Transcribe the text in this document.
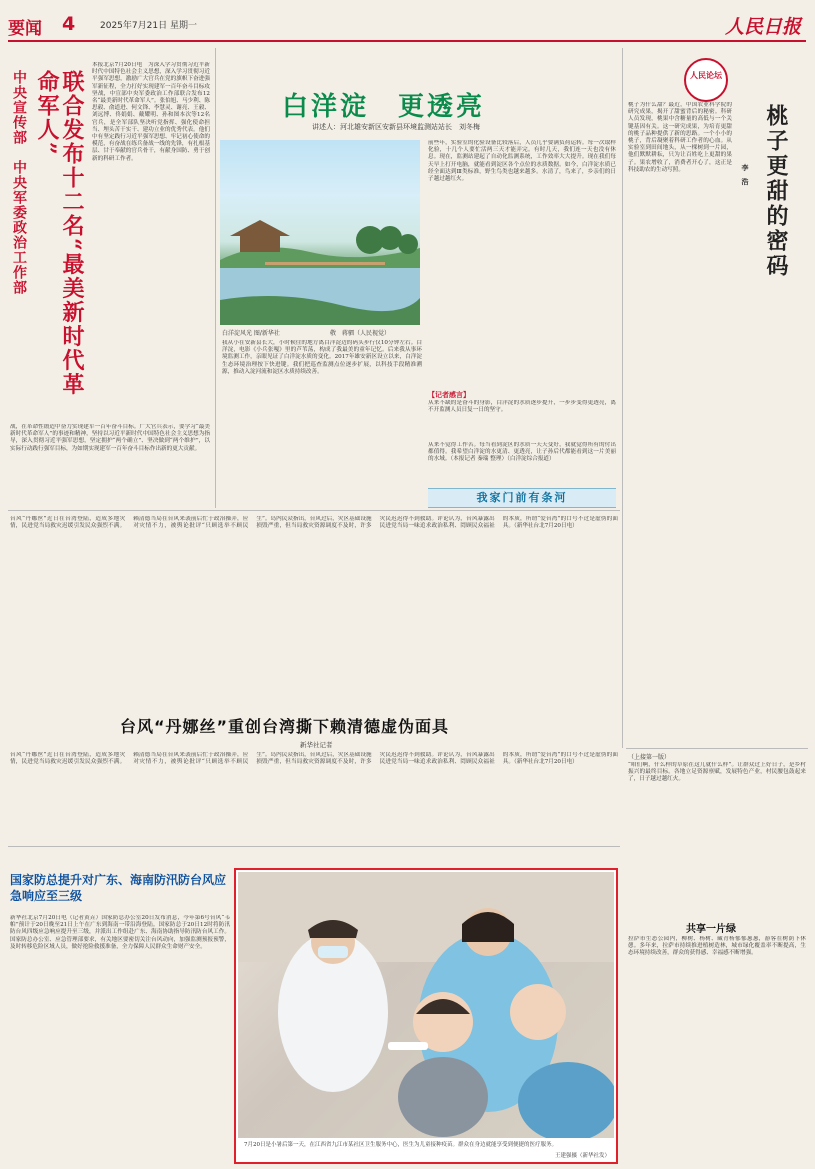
要闻 4	2025年7月21日 星期一	人民日报
中央宣传部　中央军委政治工作部	联合发布十二名“最美新时代革命军人”
本报北京7月20日电　为深入学习贯彻习近平新时代中国特色社会主义思想，深入学习贯彻习近平强军思想，激励广大官兵在党的旗帜下奋进强军新征程，全力打好实现建军一百年奋斗目标攻坚战，中宣部中央军委政治工作部联合发布12名“最美新时代革命军人”。张伯旭、马少利、陈思毅、俞道进、何文锋、李慧灵、谢亮、王毅、刘远博、佟娟娟、戴耀明、孙和图本次等12名官兵，是全军部队坚决听党指挥、强化使命担当、埋头苦干实干、建功立业的优秀代表。他们中有坚定践行习近平强军思想、牢记初心使命的模范，有奋战在练兵备战一线的先锋，有扎根基层、甘于奉献的官兵骨干，有献身国防、勇于创新的科研工作者。
战，在革命性锻造中奋力实现建军一百年奋斗目标。广大官兵表示，要学习“最美新时代革命军人”的事迹和精神，坚持以习近平新时代中国特色社会主义思想为指导，深入贯彻习近平强军思想，坚定拥护“两个确立”、坚决做到“两个维护”，以实际行动践行强军目标，为如期实现建军一百年奋斗目标作出新的更大贡献。
白洋淀　更透亮
讲述人：河北雄安新区安新县环境监测站站长　刘冬梅
白洋淀风光 图/新华社	敬　蒋驷（人民视觉）
我从小在安新县长大，小时候住的地方离白洋淀边的码头步行仅10分钟左右。白洋淀，电影《小兵张嘎》里的芦苇荡，构成了我最美的童年记忆。后来我从事环境监测工作，亲眼见证了白洋淀水质的变化。2017年雄安新区设立以来，白洋淀生态环境治理按下快进键。我们把巡查监测点位逐步扩展，以科技手段精准溯源，推动入淀河流和淀区水质持续改善。
前些年，实验室的化验设备比较落后，人员几乎要满负荷运转。每一次取样化验，十几个人要忙活两三天才能弄完。有时几天，我们连一天也没有休息。现在，监测站建起了自动化监测系统，工作效率大大提升。现在我们每天早上打开电脑，就能看到淀区各个点位的水质数据。如今，白洋淀水质已经全面达到Ⅲ类标准，野生鸟类也越来越多。水清了，鸟来了，乡亲们的日子越过越红火。
【记者感言】
从来不缺的是奋斗的身影，白洋淀的水质逐步提升，一步步变得更透亮，离不开监测人员日复一日的坚守。
从来不觉得工作苦。每当看到淀区的水质一天天变好，我就觉得所有的付出都值得。我希望白洋淀的水更清、更透亮，让子孙后代都能看到这一片美丽的水域。（本报记者 秦瑞 整理）（白洋淀综合报道）
我家门前有条河
人民论坛
桃子更甜的密码
李　浩
桃子为什么甜？最近，中国农业科学院的研究成果，揭开了甜蜜背后的秘密。科研人员发现，桃果中含糖量的高低与一个关键基因有关。这一研究成果，为培育更甜的桃子品种提供了新的思路。一个小小的桃子，背后凝聚着科研工作者的心血。从实验室到田间地头，从一棵树到一片园，他们默默耕耘，只为让百姓吃上更甜的果子。果农增收了，消费者开心了，这正是科技助农的生动写照。
台风“丹娜丝”近日在台湾登陆，造成多地灾情，民进党当局救灾迟缓引发民众强烈不满。赖清德当局在台风来袭前后忙于政治操弄，应对灾情不力，被舆论批评“只顾选举不顾民生”。岛内民众指出，台风过后，灾区基础设施损毁严重，但当局救灾资源调度不及时，许多灾民迟迟得不到救助。评论认为，台风暴露出民进党当局一味追求政治私利、罔顾民众福祉的本质，所谓“爱台湾”的口号不过是虚伪的面具。（新华社台北7月20日电）
台风“丹娜丝”重创台湾撕下赖清德虚伪面具
新华社记者
台风“丹娜丝”近日在台湾登陆，造成多地灾情，民进党当局救灾迟缓引发民众强烈不满。赖清德当局在台风来袭前后忙于政治操弄，应对灾情不力，被舆论批评“只顾选举不顾民生”。岛内民众指出，台风过后，灾区基础设施损毁严重，但当局救灾资源调度不及时，许多灾民迟迟得不到救助。评论认为，台风暴露出民进党当局一味追求政治私利、罔顾民众福祉的本质，所谓“爱台湾”的口号不过是虚伪的面具。（新华社台北7月20日电）
国家防总提升对广东、海南防汛防台风应急响应至三级
新华社北京7月20日电（记者黄垚）国家防总办公室20日发布消息，今年第6号台风“韦帕”预计于20日晚至21日上午在广东到海南一带沿海登陆。国家防总于20日12时将防汛防台风四级应急响应提升至三级，并派出工作组赴广东、海南协助指导防汛防台风工作。国家防总办公室、应急管理部要求，有关地区要密切关注台风动向，加强监测预报预警，及时转移危险区域人员，做好抢险救援准备，全力保障人民群众生命财产安全。
7月20日是小暑后第一天，在江西省九江市某社区卫生服务中心，医生为儿童接种疫苗。群众在身边就能享受到便捷的医疗服务。
王建强摄（新华社发）
（上接第一版）
“咱们啊，什么样的草原在这儿就什么样”。让群众过上好日子，是乡村振兴的最终目标。各地立足资源禀赋，发展特色产业，村民腰包鼓起来了，日子越过越红火。
共享一片绿
拉萨市生态公园内，柳树、杨树、藏青杨郁郁葱葱，游客在树荫下休憩。多年来，拉萨市持续推进植树造林，城市绿化覆盖率不断提高，生态环境持续改善，群众的获得感、幸福感不断增强。
